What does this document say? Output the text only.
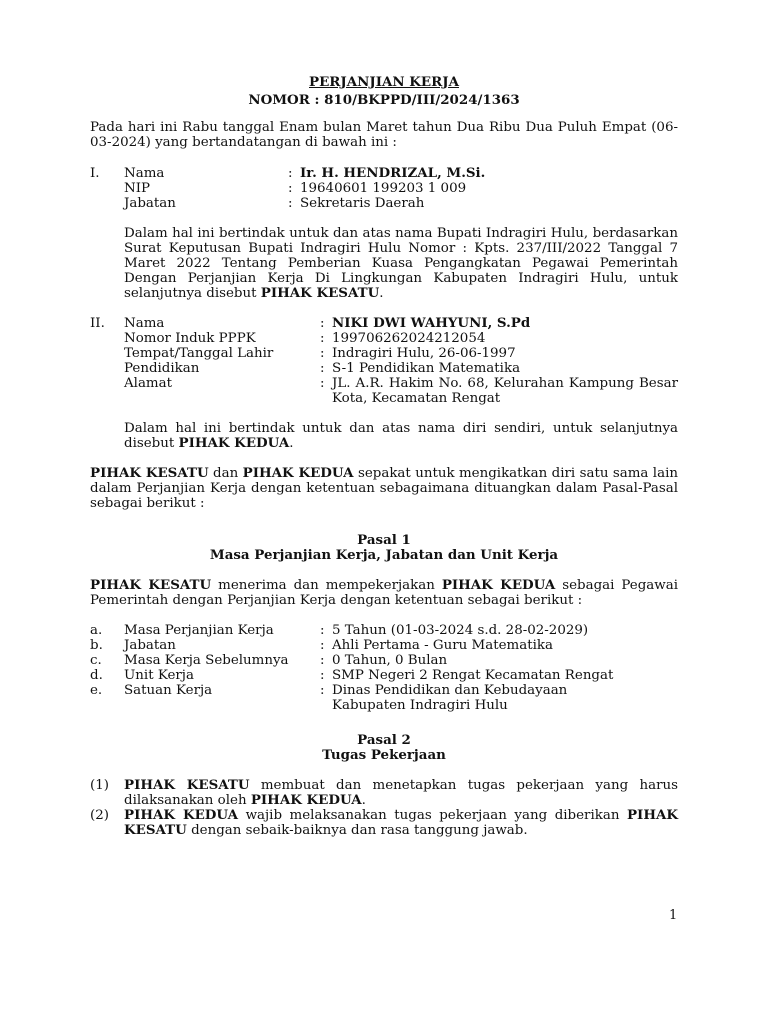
PERJANJIAN KERJA
NOMOR : 810/BKPPD/III/2024/1363
Pada hari ini Rabu tanggal Enam bulan Maret tahun Dua Ribu Dua Puluh Empat (06-03-2024) yang bertandatangan di bawah ini :
I.	Nama	: Ir. H. HENDRIZAL, M.Si.
NIP	: 19640601 199203 1 009
Jabatan	: Sekretaris Daerah
Dalam hal ini bertindak untuk dan atas nama Bupati Indragiri Hulu, berdasarkan Surat Keputusan Bupati Indragiri Hulu Nomor : Kpts. 237/III/2022 Tanggal 7 Maret 2022 Tentang Pemberian Kuasa Pengangkatan Pegawai Pemerintah Dengan Perjanjian Kerja Di Lingkungan Kabupaten Indragiri Hulu, untuk selanjutnya disebut PIHAK KESATU.
II.	Nama	: NIKI DWI WAHYUNI, S.Pd
Nomor Induk PPPK	: 199706262024212054
Tempat/Tanggal Lahir	: Indragiri Hulu, 26-06-1997
Pendidikan	: S-1 Pendidikan Matematika
Alamat	: JL. A.R. Hakim No. 68, Kelurahan Kampung Besar Kota, Kecamatan Rengat
Dalam hal ini bertindak untuk dan atas nama diri sendiri, untuk selanjutnya disebut PIHAK KEDUA.
PIHAK KESATU dan PIHAK KEDUA sepakat untuk mengikatkan diri satu sama lain dalam Perjanjian Kerja dengan ketentuan sebagaimana dituangkan dalam Pasal-Pasal sebagai berikut :
Pasal 1
Masa Perjanjian Kerja, Jabatan dan Unit Kerja
PIHAK KESATU menerima dan mempekerjakan PIHAK KEDUA sebagai Pegawai Pemerintah dengan Perjanjian Kerja dengan ketentuan sebagai berikut :
a.	Masa Perjanjian Kerja	: 5 Tahun (01-03-2024 s.d. 28-02-2029)
b.	Jabatan	: Ahli Pertama - Guru Matematika
c.	Masa Kerja Sebelumnya	: 0 Tahun, 0 Bulan
d.	Unit Kerja	: SMP Negeri 2 Rengat Kecamatan Rengat
e.	Satuan Kerja	: Dinas Pendidikan dan Kebudayaan Kabupaten Indragiri Hulu
Pasal 2
Tugas Pekerjaan
(1)	PIHAK KESATU membuat dan menetapkan tugas pekerjaan yang harus dilaksanakan oleh PIHAK KEDUA.
(2)	PIHAK KEDUA wajib melaksanakan tugas pekerjaan yang diberikan PIHAK KESATU dengan sebaik-baiknya dan rasa tanggung jawab.
1
